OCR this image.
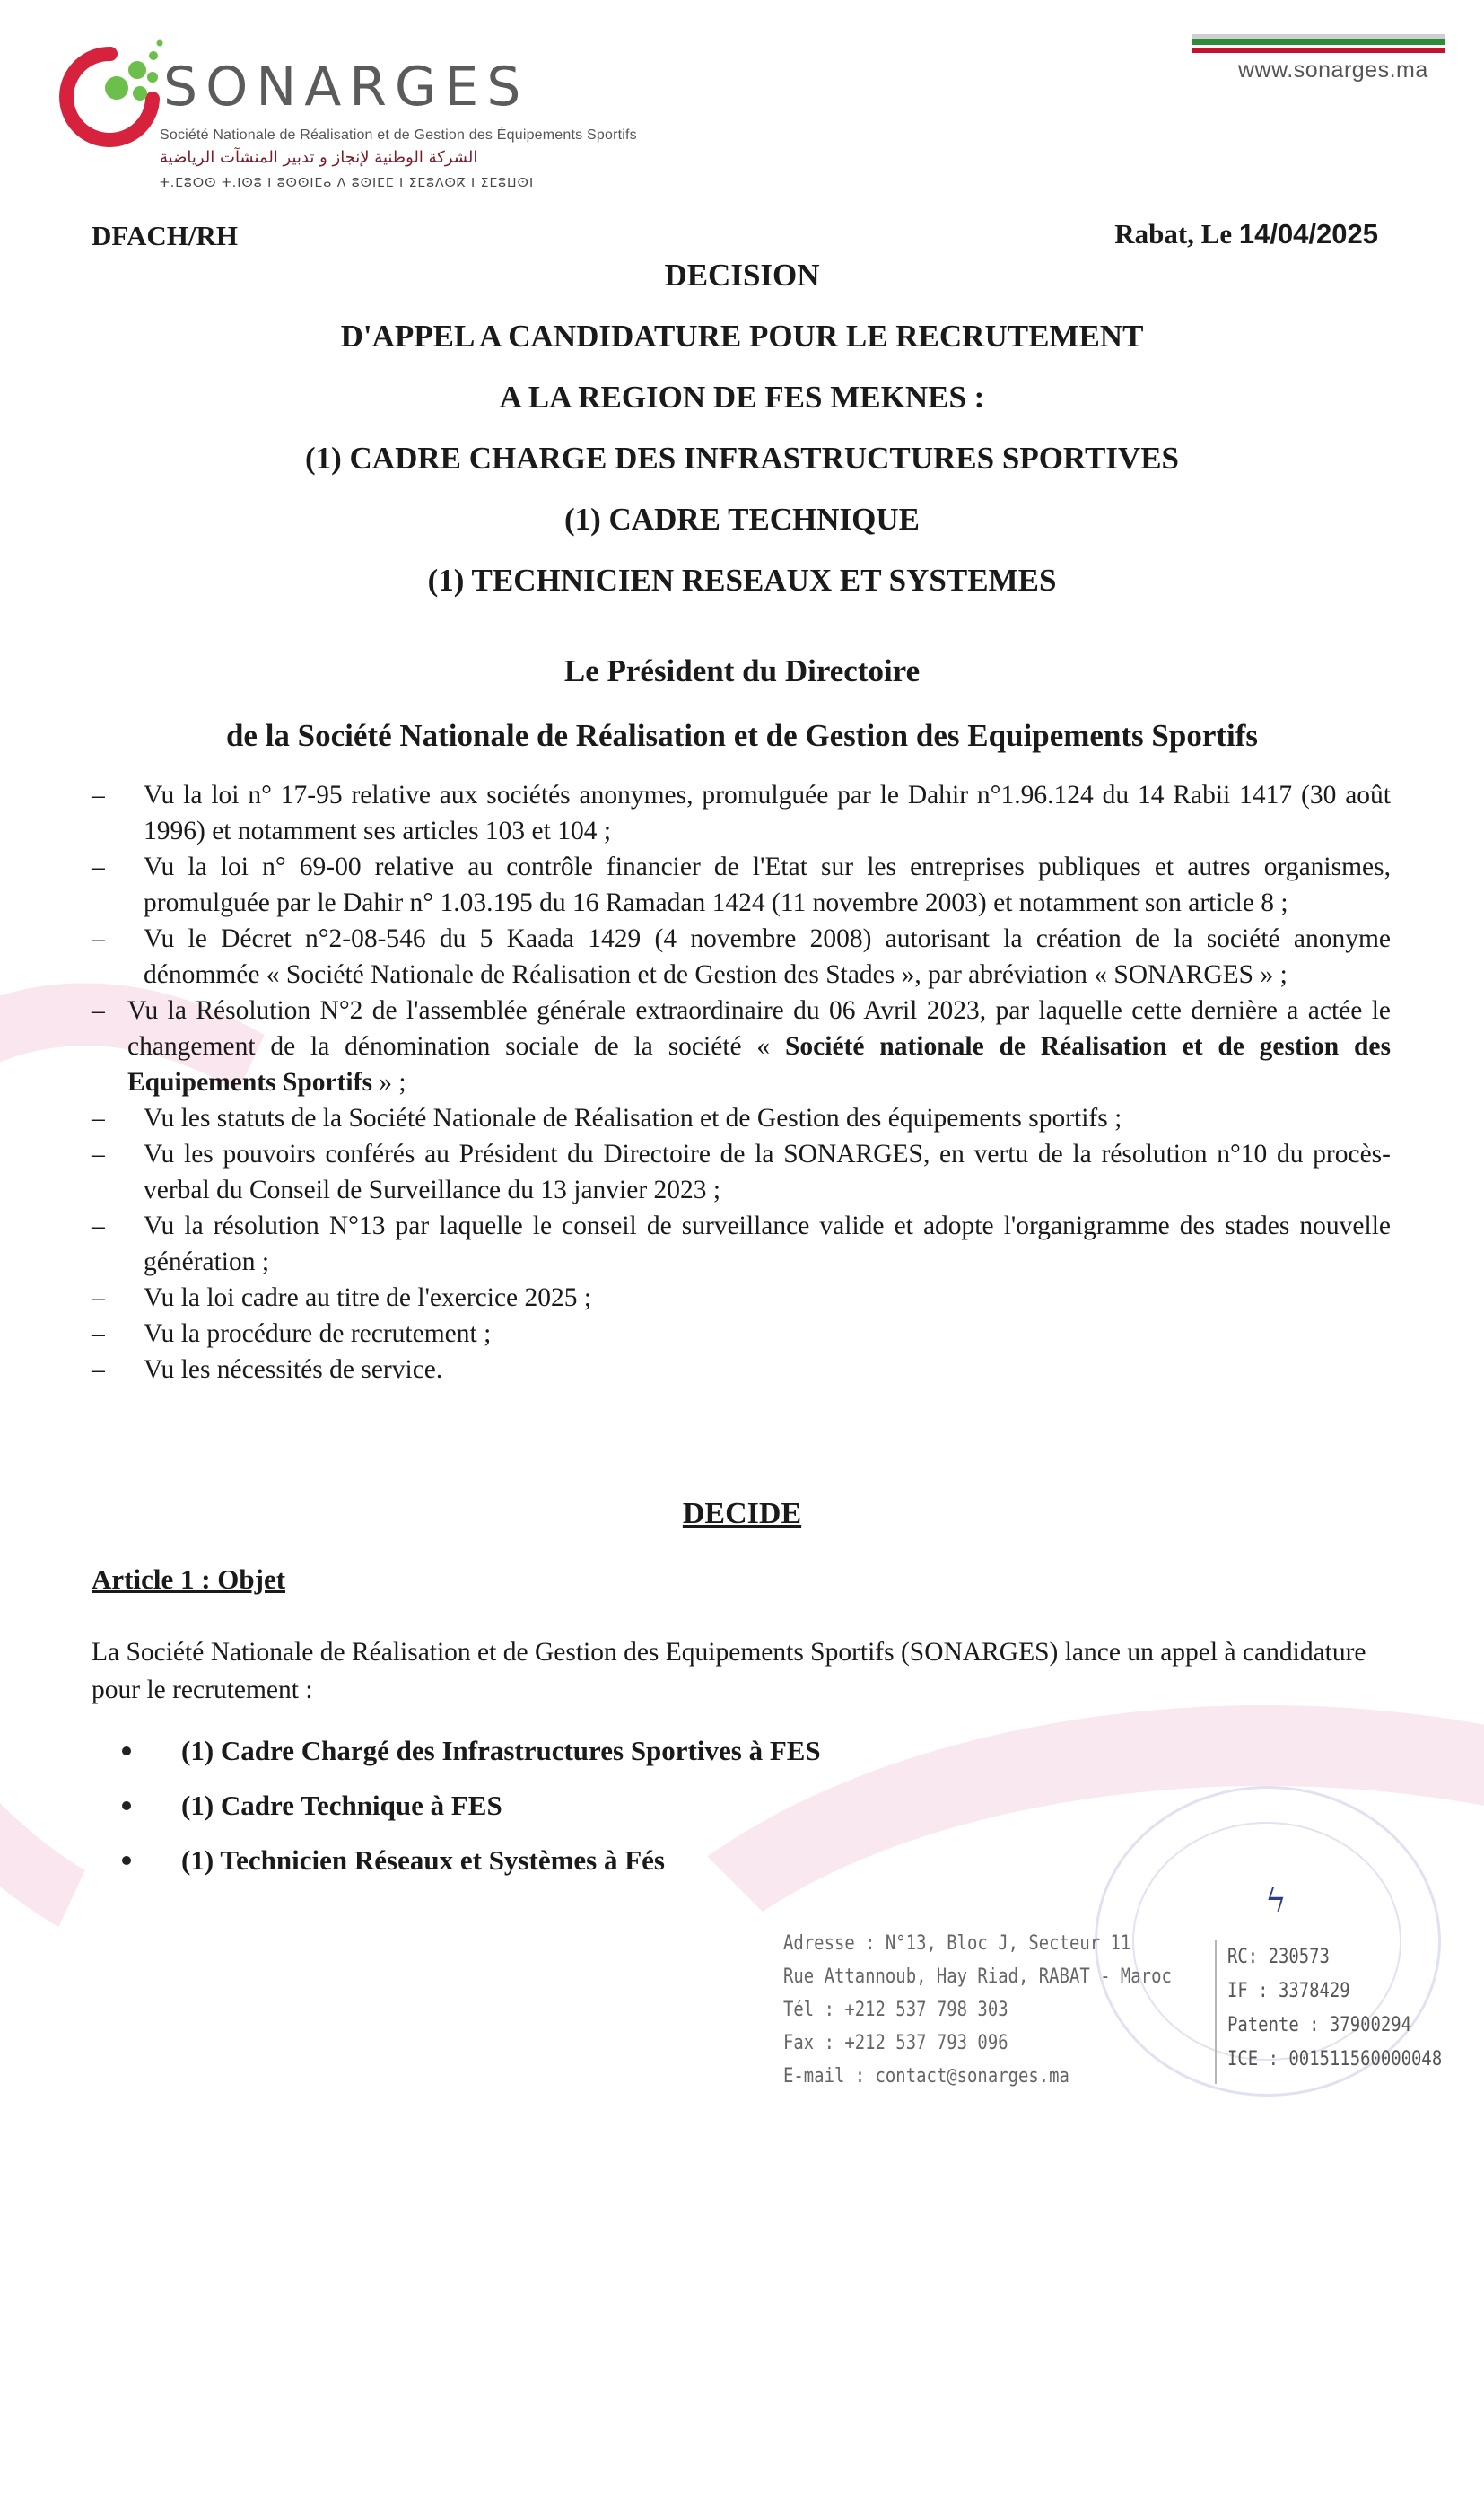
SONARGES
Société Nationale de Réalisation et de Gestion des Équipements Sportifs
الشركة الوطنية لإنجاز و تدبير المنشآت الرياضية
ⵜ.ⵎⵓⵔⵙ ⵜ.ⵏⵙⵓ ⵏ ⵓⵙⵙⵏⵎⴰ ⴷ ⵓⵙⵏⵎⵎ ⵏ ⵉⵎⵓⴷⵙⴽ ⵏ ⵉⵎⵓⵡⵙⵏ
www.sonarges.ma
DFACH/RH	Rabat, Le 14/04/2025
DECISION
D'APPEL A CANDIDATURE POUR LE RECRUTEMENT
A LA REGION DE FES MEKNES :
(1) CADRE CHARGE DES INFRASTRUCTURES SPORTIVES
(1) CADRE TECHNIQUE
(1) TECHNICIEN RESEAUX ET SYSTEMES
Le Président du Directoire
de la Société Nationale de Réalisation et de Gestion des Equipements Sportifs
– Vu la loi n° 17-95 relative aux sociétés anonymes, promulguée par le Dahir n°1.96.124 du 14 Rabii 1417 (30 août 1996) et notamment ses articles 103 et 104 ;
– Vu la loi n° 69-00 relative au contrôle financier de l'Etat sur les entreprises publiques et autres organismes, promulguée par le Dahir n° 1.03.195 du 16 Ramadan 1424 (11 novembre 2003) et notamment son article 8 ;
– Vu le Décret n°2-08-546 du 5 Kaada 1429 (4 novembre 2008) autorisant la création de la société anonyme dénommée « Société Nationale de Réalisation et de Gestion des Stades », par abréviation « SONARGES » ;
– Vu la Résolution N°2 de l'assemblée générale extraordinaire du 06 Avril 2023, par laquelle cette dernière a actée le changement de la dénomination sociale de la société « Société nationale de Réalisation et de gestion des Equipements Sportifs » ;
– Vu les statuts de la Société Nationale de Réalisation et de Gestion des équipements sportifs ;
– Vu les pouvoirs conférés au Président du Directoire de la SONARGES, en vertu de la résolution n°10 du procès-verbal du Conseil de Surveillance du 13 janvier 2023 ;
– Vu la résolution N°13 par laquelle le conseil de surveillance valide et adopte l'organigramme des stades nouvelle génération ;
– Vu la loi cadre au titre de l'exercice 2025 ;
– Vu la procédure de recrutement ;
– Vu les nécessités de service.
DECIDE
Article 1 : Objet
La Société Nationale de Réalisation et de Gestion des Equipements Sportifs (SONARGES) lance un appel à candidature pour le recrutement :
(1) Cadre Chargé des Infrastructures Sportives à FES
(1) Cadre Technique à FES
(1) Technicien Réseaux et Systèmes à Fés
ϟ
Adresse : N°13, Bloc J, Secteur 11
Rue Attannoub, Hay Riad, RABAT - Maroc
Tél : +212 537 798 303
Fax : +212 537 793 096
E-mail : contact@sonarges.ma
RC: 230573
IF : 3378429
Patente : 37900294
ICE : 001511560000048
